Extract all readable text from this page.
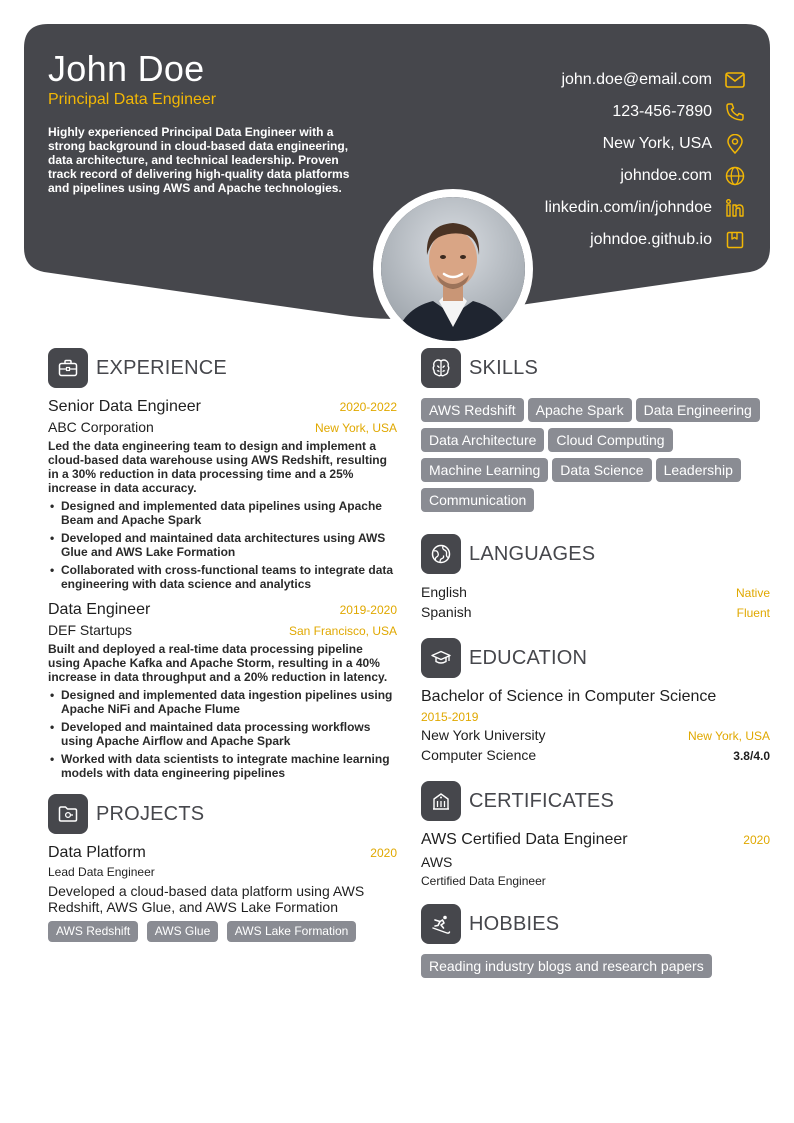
John Doe
Principal Data Engineer
Highly experienced Principal Data Engineer with a strong background in cloud-based data engineering, data architecture, and technical leadership. Proven track record of delivering high-quality data platforms and pipelines using AWS and Apache technologies.
john.doe@email.com
123-456-7890
New York, USA
johndoe.com
linkedin.com/in/johndoe
johndoe.github.io
EXPERIENCE
Senior Data Engineer	2020-2022
ABC Corporation	New York, USA
Led the data engineering team to design and implement a cloud-based data warehouse using AWS Redshift, resulting in a 30% reduction in data processing time and a 25% increase in data accuracy.
• Designed and implemented data pipelines using Apache Beam and Apache Spark
• Developed and maintained data architectures using AWS Glue and AWS Lake Formation
• Collaborated with cross-functional teams to integrate data engineering with data science and analytics
Data Engineer	2019-2020
DEF Startups	San Francisco, USA
Built and deployed a real-time data processing pipeline using Apache Kafka and Apache Storm, resulting in a 40% increase in data throughput and a 20% reduction in latency.
• Designed and implemented data ingestion pipelines using Apache NiFi and Apache Flume
• Developed and maintained data processing workflows using Apache Airflow and Apache Spark
• Worked with data scientists to integrate machine learning models with data engineering pipelines
PROJECTS
Data Platform	2020
Lead Data Engineer
Developed a cloud-based data platform using AWS Redshift, AWS Glue, and AWS Lake Formation
AWS Redshift AWS Glue AWS Lake Formation
SKILLS
AWS Redshift Apache Spark Data EngineeringData Architecture Cloud ComputingMachine Learning Data Science LeadershipCommunication
LANGUAGES
English	Native
Spanish	Fluent
EDUCATION
Bachelor of Science in Computer Science
2015-2019
New York University	New York, USA
Computer Science	3.8/4.0
CERTIFICATES
AWS Certified Data Engineer	2020
AWS
Certified Data Engineer
HOBBIES
Reading industry blogs and research papers
